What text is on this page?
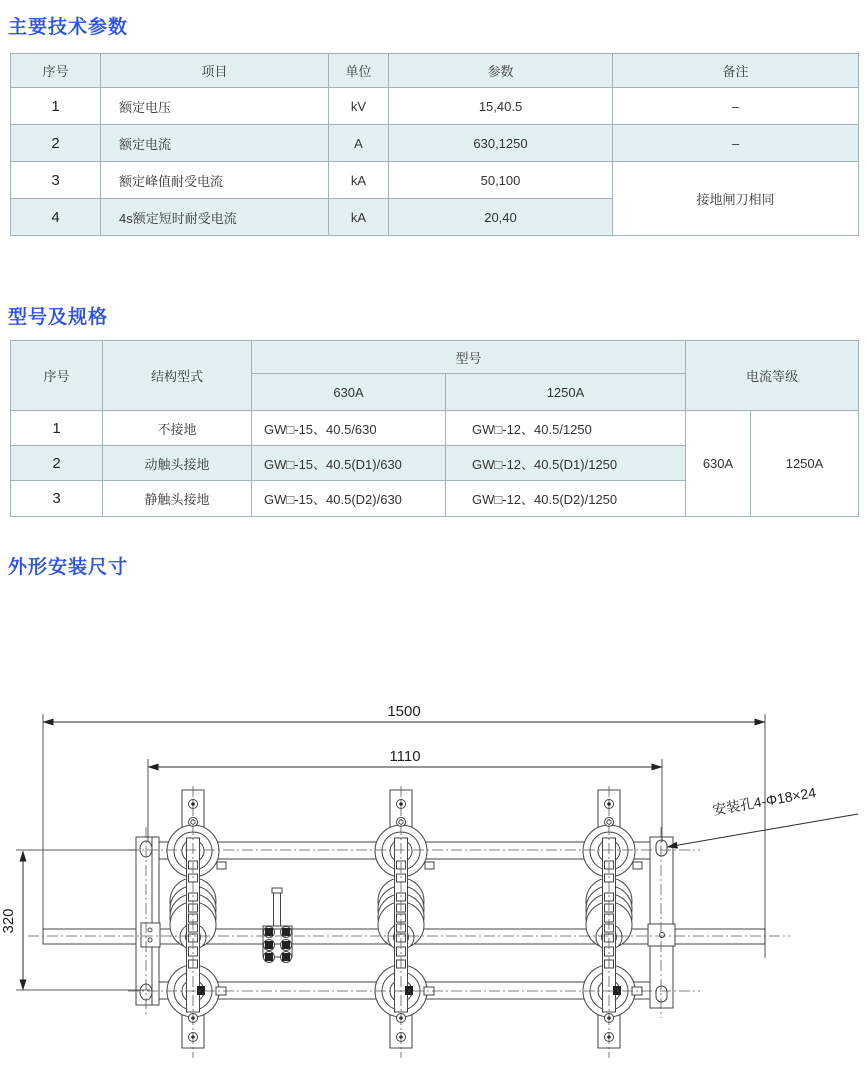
主要技术参数
序号	项目	单位	参数	备注
1	额定电压	kV	15,40.5	–
2	额定电流	A	630,1250	–
3	额定峰值耐受电流	kA	50,100	接地闸刀相同
4	4s额定短时耐受电流	kA	20,40	
型号及规格
序号	结构型式	型号		电流等级	
		630A	1250A		
1	不接地	GW□-15、40.5/630	GW□-12、40.5/1250	630A	1250A
2	动触头接地	GW□-15、40.5(D1)/630	GW□-12、40.5(D1)/1250		
3	静触头接地	GW□-15、40.5(D2)/630	GW□-12、40.5(D2)/1250		
外形安装尺寸
1500
1110
320
安装孔4-Φ18×24
